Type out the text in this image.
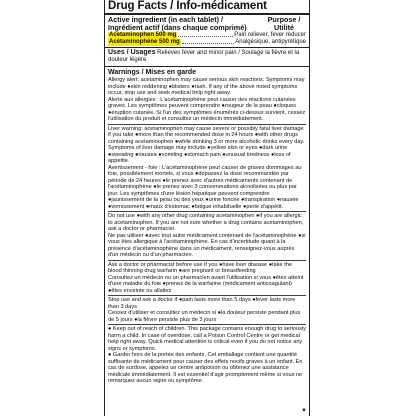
Drug Facts / Info-médicament
Active ingredient (in each tablet) /
Ingrédient actif (dans chaque comprimé)
Purpose /
Utilité
Acetaminophen 500 mg	Pain reliever, fever reducer
Acétaminophène 500 mg	Analgésique, antipyrétique
Uses / Usages Relieves fever and minor pain / Soulage la fièvre et la douleur légère
Warnings / Mises en garde

Allergy alert: acetaminophen may cause serious skin reactions. Symptoms may include ●skin reddening ●blisters ●rash. If any of the above noted symptoms occur, stop use and seek medical help right away.

Alerte aux allergies : L'acétaminophène peut causer des réactions cutanées graves. Les symptômes peuvent comprendre ●rougeur de la peau ●cloques ●éruption cutanée. Si l'un des symptômes énumérés ci-dessus survient, cessez l'utilisation du produit et consultez un médecin immédiatement.

Liver warning: acetaminophen may cause severe or possibly fatal liver damage if you take ●more than the recommended dose in 24 hours ●with other drugs containing acetaminophen ●while drinking 3 or more alcoholic drinks every day. Symptoms of liver damage may include ●yellow skin or eyes ●dark urine ●sweating ●nausea ●vomiting ●stomach pain ●unusual tiredness ●loss of appetite.

Avertissement - foie : L'acétaminophène peut causer de graves dommages au foie, possiblement mortels, si vous ●dépassez la dose recommandée par période de 24 heures ●le prenez avec d'autres médicaments contenant de l'acétaminophène ●le prenez avec 3 consommations alcoolisées ou plus par jour. Les symptômes d'une lésion hépatique peuvent comprendre ●jaunissement de la peau ou des yeux ●urine foncée ●transpiration ●nausée ●vomissement ●maux d'estomac ●fatigue inhabituelle ●perte d'appétit.

Do not use ●with any other drug containing acetaminophen ●if you are allergic to acetaminophen. If you are not sure whether a drug contains acetaminophen, ask a doctor or pharmacist.

Ne pas utiliser ●avec tout autre médicament contenant de l'acétaminophène ●si vous êtes allergique à l'acétaminophène. En cas d'incertitude quant à la présence d'acétaminophène dans un médicament, renseignez-vous auprès d'un médecin ou d'un pharmacien.

Ask a doctor or pharmacist before use if you ●have liver disease ●take the blood thinning drug warfarin ●are pregnant or breastfeeding

Consultez un médecin ou un pharmacien avant l'utilisation si vous ●êtes atteint d'une maladie du foie ●prenez de la warfarine (médicament anticoagulant) ●êtes enceinte ou allaitez

Stop use and ask a doctor if ●pain lasts more than 5 days ●fever lasts more than 3 days

Cessez d'utiliser et consultez un médecin si ●la douleur persiste pendant plus de 5 jours ●la fièvre persiste plus de 3 jours

● Keep out of reach of children. This package contains enough drug to seriously harm a child. In case of overdose, call a Poison Control Centre or get medical help right away. Quick medical attention is critical even if you do not notice any signs or symptoms.

● Garder hors de la portée des enfants. Cet emballage contient une quantité suffisante de médicament pour causer des effets nocifs graves à un enfant. En cas de surdose, appelez un centre antipoison ou obtenez une assistance médicale immédiatement. Il est essentiel d'agir promptement même si vous ne remarquez aucun signe ou symptôme.

▼
